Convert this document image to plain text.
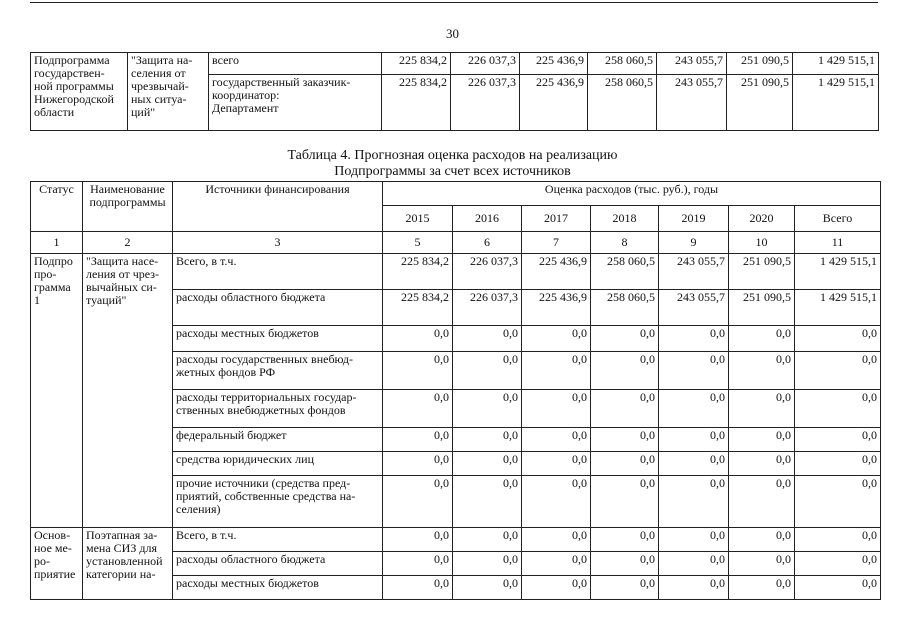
30
Подпрограмма
государствен-
ной программы
Нижегородской
области	"Защита на-
селения от
чрезвычай-
ных ситуа-
ций"	всего	225 834,2	226 037,3	225 436,9	258 060,5	243 055,7	251 090,5	1 429 515,1
		государственный заказчик-
координатор:
Департамент	225 834,2	226 037,3	225 436,9	258 060,5	243 055,7	251 090,5	1 429 515,1
Таблица 4. Прогнозная оценка расходов на реализацию
Подпрограммы за счет всех источников
Статус	Наименование
подпрограммы	Источники финансирования	Оценка расходов (тыс. руб.), годы						
			2015	2016	2017	2018	2019	2020	Всего
1	2	3	5	6	7	8	9	10	11
Подпро
про-
грамма
1	"Защита насе-
ления от чрез-
вычайных си-
туаций"	Всего, в т.ч.	225 834,2	226 037,3	225 436,9	258 060,5	243 055,7	251 090,5	1 429 515,1
		расходы областного бюджета	225 834,2	226 037,3	225 436,9	258 060,5	243 055,7	251 090,5	1 429 515,1
		расходы местных бюджетов	0,0	0,0	0,0	0,0	0,0	0,0	0,0
		расходы государственных внебюд-
жетных фондов РФ	0,0	0,0	0,0	0,0	0,0	0,0	0,0
		расходы территориальных государ-
ственных внебюджетных фондов	0,0	0,0	0,0	0,0	0,0	0,0	0,0
		федеральный бюджет	0,0	0,0	0,0	0,0	0,0	0,0	0,0
		средства юридических лиц	0,0	0,0	0,0	0,0	0,0	0,0	0,0
		прочие источники (средства пред-
приятий, собственные средства на-
селения)	0,0	0,0	0,0	0,0	0,0	0,0	0,0
Основ-
ное ме-
ро-
приятие	Поэтапная за-
мена СИЗ для
установленной
категории на-	Всего, в т.ч.	0,0	0,0	0,0	0,0	0,0	0,0	0,0
		расходы областного бюджета	0,0	0,0	0,0	0,0	0,0	0,0	0,0
		расходы местных бюджетов	0,0	0,0	0,0	0,0	0,0	0,0	0,0
